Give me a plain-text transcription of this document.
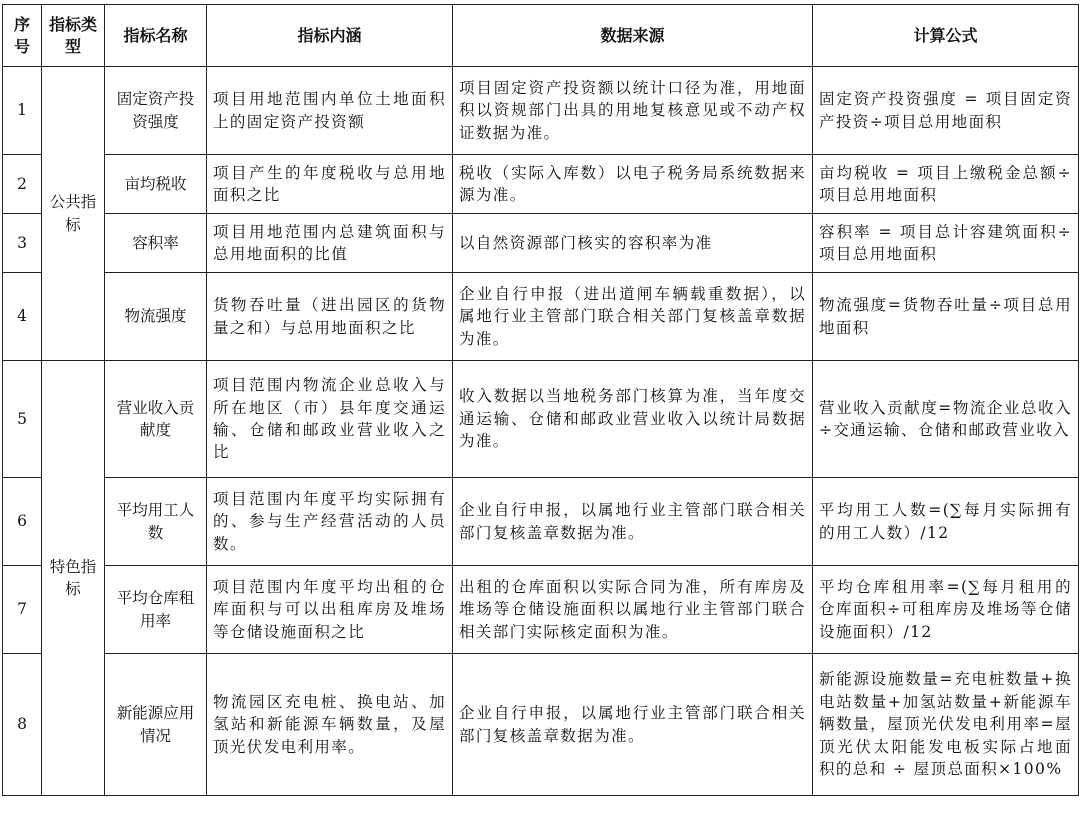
序号	指标类型	指标名称	指标内涵	数据来源	计算公式
1	公共指标	固定资产投资强度	项目用地范围内单位土地面积上的固定资产投资额	项目固定资产投资额以统计口径为准，用地面积以资规部门出具的用地复核意见或不动产权证数据为准。	固定资产投资强度 = 项目固定资产投资÷项目总用地面积
2		亩均税收	项目产生的年度税收与总用地面积之比	税收（实际入库数）以电子税务局系统数据来源为准。	亩均税收 = 项目上缴税金总额÷项目总用地面积
3		容积率	项目用地范围内总建筑面积与总用地面积的比值	以自然资源部门核实的容积率为准	容积率 = 项目总计容建筑面积÷项目总用地面积
4		物流强度	货物吞吐量（进出园区的货物量之和）与总用地面积之比	企业自行申报（进出道闸车辆载重数据），以属地行业主管部门联合相关部门复核盖章数据为准。	物流强度=货物吞吐量÷项目总用地面积
5	特色指标	营业收入贡献度	项目范围内物流企业总收入与所在地区（市）县年度交通运输、仓储和邮政业营业收入之比	收入数据以当地税务部门核算为准，当年度交通运输、仓储和邮政业营业收入以统计局数据为准。	营业收入贡献度=物流企业总收入÷交通运输、仓储和邮政营业收入
6		平均用工人数	项目范围内年度平均实际拥有的、参与生产经营活动的人员数。	企业自行申报，以属地行业主管部门联合相关部门复核盖章数据为准。	平均用工人数=(∑每月实际拥有的用工人数）/12
7		平均仓库租用率	项目范围内年度平均出租的仓库面积与可以出租库房及堆场等仓储设施面积之比	出租的仓库面积以实际合同为准，所有库房及堆场等仓储设施面积以属地行业主管部门联合相关部门实际核定面积为准。	平均仓库租用率=(∑每月租用的仓库面积÷可租库房及堆场等仓储设施面积）/12
8		新能源应用情况	物流园区充电桩、换电站、加氢站和新能源车辆数量，及屋顶光伏发电利用率。	企业自行申报，以属地行业主管部门联合相关部门复核盖章数据为准。	新能源设施数量=充电桩数量+换电站数量+加氢站数量+新能源车辆数量，屋顶光伏发电利用率=屋顶光伏太阳能发电板实际占地面积的总和 ÷ 屋顶总面积×100%
